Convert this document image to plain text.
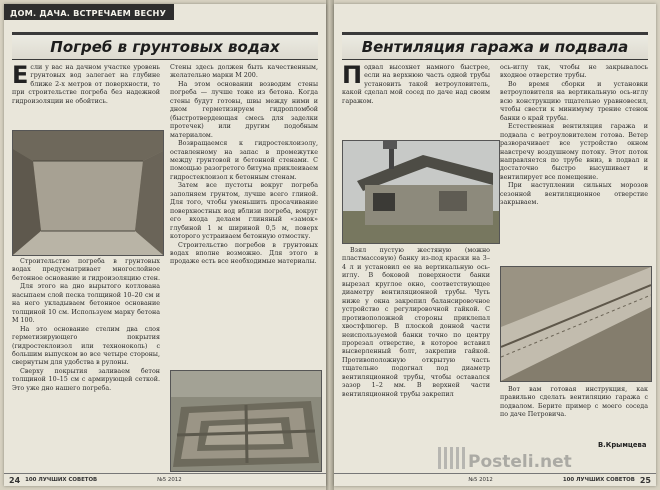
ДОМ. ДАЧА. ВСТРЕЧАЕМ ВЕСНУ
Погреб в грунтовых водах

Если у вас на дачном участке уровень грунтовых вод залегает на глубине ближе 2-х метров от поверхности, то при строительстве погреба без надежной гидроизоляции не обойтись.

Строительство погреба в грунтовых водах предусматривает многослойное бетонное основание и гидроизоляцию стен.

Для этого на дно вырытого котлована насыпаем слой песка толщиной 10–20 см и на него укладываем бетонное основание толщиной 10 см. Используем марку бетона М 100.

На это основание стелим два слоя герметизирующего покрытия (гидростеклоизол или техноноколь) с большим выпуском во все четыре стороны, свернутым для удобства в рулоны.

Сверху покрытия заливаем бетон толщиной 10–15 см с армирующей сеткой. Это уже дно нашего погреба.

Стены здесь должен быть качественным, желательно марки М 200.

На этом основании возводим стены погреба — лучше тоже из бетона. Когда стены будут готовы, швы между ними и дном герметизируем гидропломбой (быстротвердеющая смесь для заделки протечек) или другим подобным материалом.

Возвращаемся к гидростеклоизолу, оставленному на запас в промежутке между грунтовой и бетонной стенами. С помощью разогретого битума приклеиваем гидростеклоизол к бетонным стенам.

Затем все пустоты вокруг погреба заполняем грунтом, лучше всего глиной. Для того, чтобы уменьшить просачивание поверхностных вод вблизи погреба, вокруг его входа делаем глиняный «замок» глубиной 1 м шириной 0,5 м, поверх которого устраиваем бетонную отмостку.

Строительство погребов в грунтовых водах вполне возможно. Для этого в продаже есть все необходимые материалы.

24 100 ЛУЧШИХ СОВЕТОВ	№5 2012
Вентиляция гаража и подвала

Подвал высохнет намного быстрее, если на верхнюю часть одной трубы установить такой ветроуловитель, какой сделал мой сосед по даче над своим гаражом.

Взял пустую жестяную (можно пластмассовую) банку из-под краски на 3–4 л и установил ее на вертикальную ось-иглу. В боковой поверхности банки вырезал круглое окно, соответствующее диаметру вентиляционной трубы. Чуть ниже у окна закрепил балансировочное устройство с регулировочной гайкой. С противоположной стороны приклепал хвостфлюгер. В плоской донной части неиспользуемой банки точно по центру прорезал отверстие, в которое вставил высверленный болт, закрепив гайкой. Противоположную открытую часть тщательно подогнал под диаметр вентиляционной трубы, чтобы оставался зазор 1–2 мм. В верхней части вентиляционной трубы закрепил

ось-иглу так, чтобы не закрывалось входное отверстие трубы.

Во время сборки и установки ветроуловителя на вертикальную ось-иглу всю конструкцию тщательно уравновесил, чтобы свести к минимуму трение стенок банки о край трубы.

Естественная вентиляция гаража и подвала с ветроуловителем готова. Ветер разворачивает все устройство окном навстречу воздушному потоку. Этот поток направляется по трубе вниз, в подвал и достаточно быстро высушивает и вентилирует все помещение.

При наступлении сильных морозов сезонной вентиляционное отверстие закрываем.

Вот вам готовая инструкция, как правильно сделать вентиляцию гаража с подвалом. Берите пример с моего соседа по даче Петровича.

В.Крымцева
№5 2012	100 ЛУЧШИХ СОВЕТОВ 25
Posteli.net
